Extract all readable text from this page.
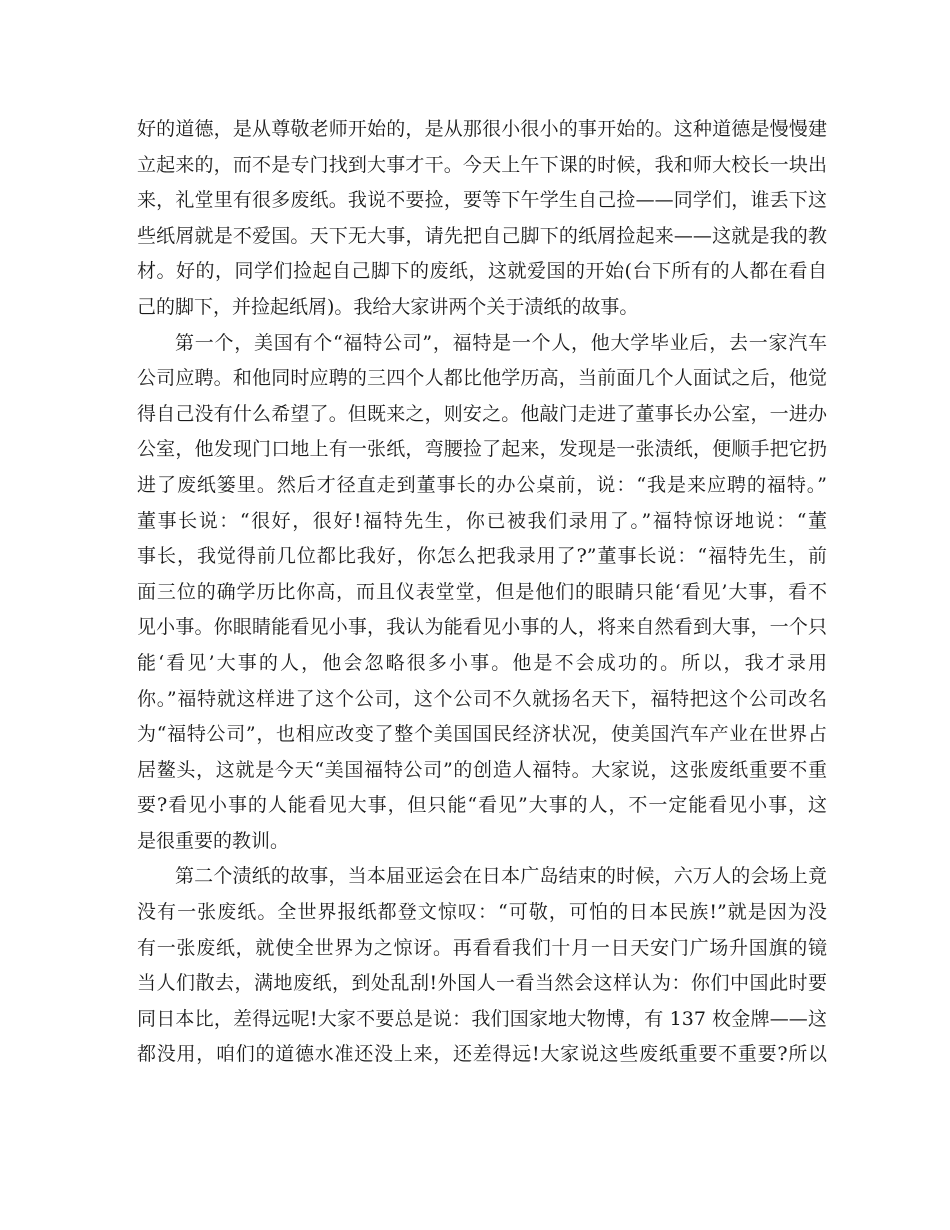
好的道德，是从尊敬老师开始的，是从那很小很小的事开始的。这种道德是慢慢建
立起来的，而不是专门找到大事才干。今天上午下课的时候，我和师大校长一块出
来，礼堂里有很多废纸。我说不要捡，要等下午学生自己捡——同学们，谁丢下这
些纸屑就是不爱国。天下无大事，请先把自己脚下的纸屑捡起来——这就是我的教
材。好的，同学们捡起自己脚下的废纸，这就爱国的开始(台下所有的人都在看自
己的脚下，并捡起纸屑)。我给大家讲两个关于渍纸的故事。
第一个，美国有个“福特公司”，福特是一个人，他大学毕业后，去一家汽车
公司应聘。和他同时应聘的三四个人都比他学历高，当前面几个人面试之后，他觉
得自己没有什么希望了。但既来之，则安之。他敲门走进了董事长办公室，一进办
公室，他发现门口地上有一张纸，弯腰捡了起来，发现是一张渍纸，便顺手把它扔
进了废纸篓里。然后才径直走到董事长的办公桌前，说：“我是来应聘的福特。”
董事长说：“很好，很好!福特先生，你已被我们录用了。”福特惊讶地说：“董
事长，我觉得前几位都比我好，你怎么把我录用了?”董事长说：“福特先生，前
面三位的确学历比你高，而且仪表堂堂，但是他们的眼睛只能‘看见’大事，看不
见小事。你眼睛能看见小事，我认为能看见小事的人，将来自然看到大事，一个只
能‘看见’大事的人，他会忽略很多小事。他是不会成功的。所以，我才录用
你。”福特就这样进了这个公司，这个公司不久就扬名天下，福特把这个公司改名
为“福特公司”，也相应改变了整个美国国民经济状况，使美国汽车产业在世界占
居鳌头，这就是今天“美国福特公司”的创造人福特。大家说，这张废纸重要不重
要?看见小事的人能看见大事，但只能“看见”大事的人，不一定能看见小事，这
是很重要的教训。
第二个渍纸的故事，当本届亚运会在日本广岛结束的时候，六万人的会场上竟
没有一张废纸。全世界报纸都登文惊叹：“可敬，可怕的日本民族!”就是因为没
有一张废纸，就使全世界为之惊讶。再看看我们十月一日天安门广场升国旗的镜
当人们散去，满地废纸，到处乱刮!外国人一看当然会这样认为：你们中国此时要
同日本比，差得远呢!大家不要总是说：我们国家地大物博，有 137 枚金牌——这
都没用，咱们的道德水准还没上来，还差得远!大家说这些废纸重要不重要?所以
